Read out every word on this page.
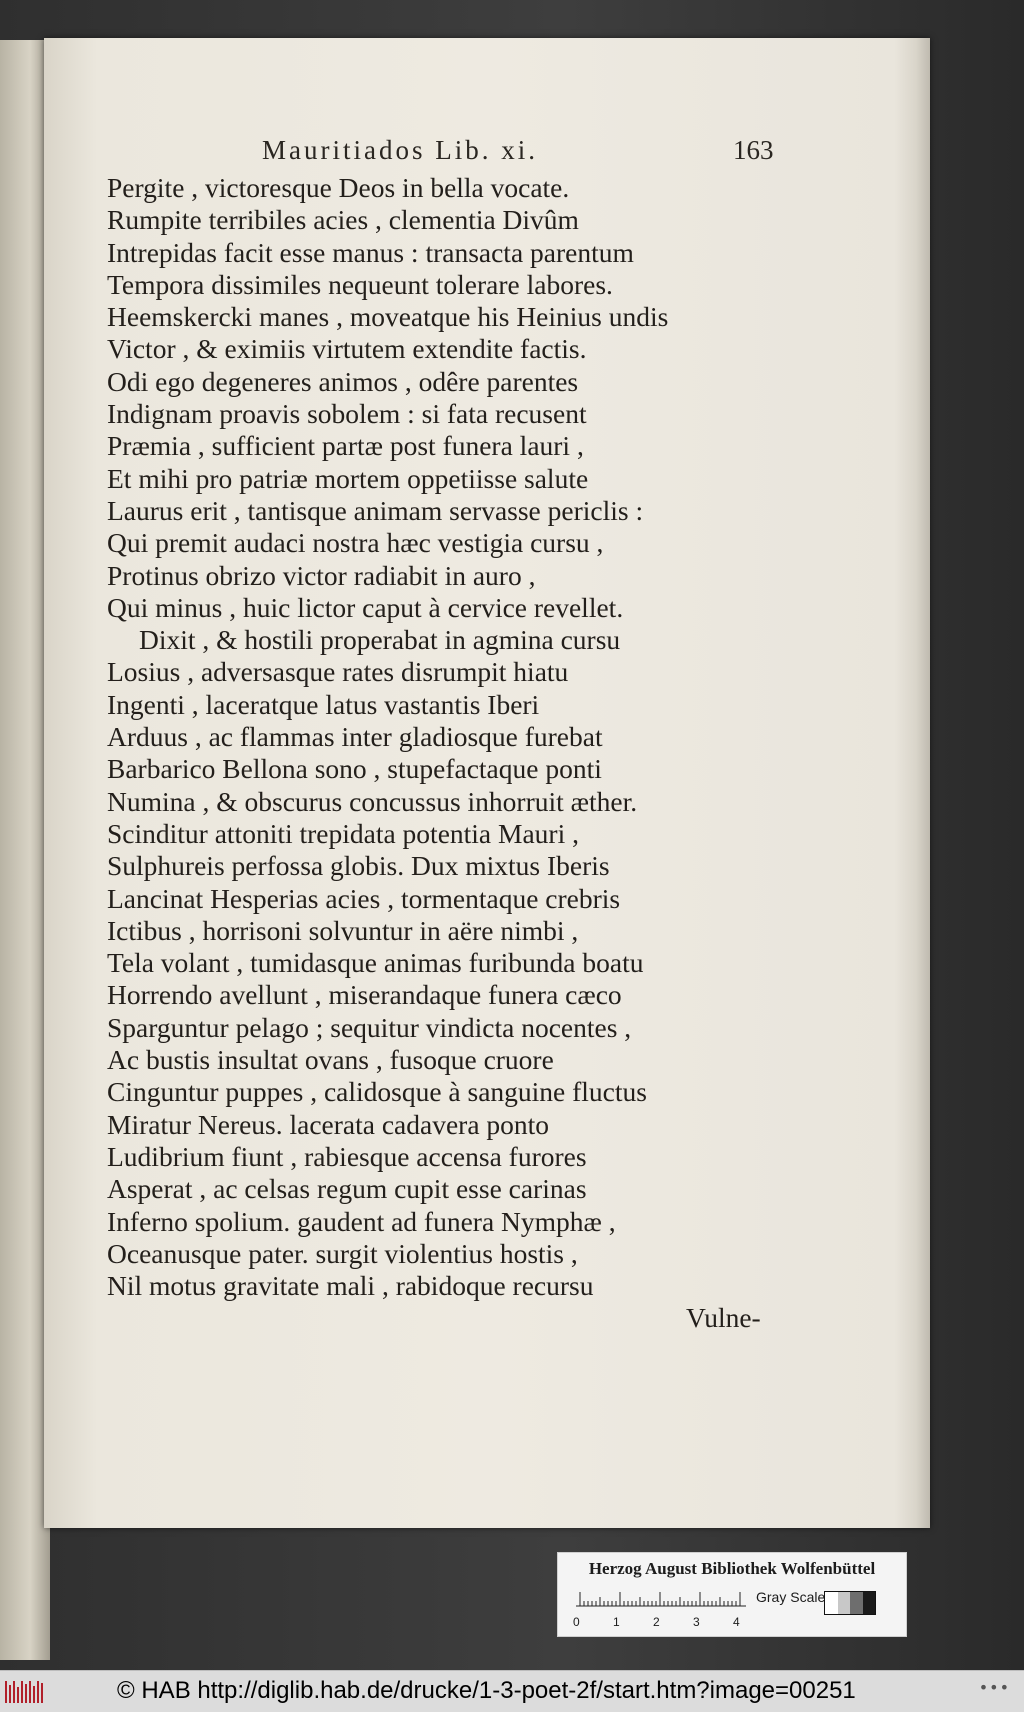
Mauritiados Lib. xi.	163
Pergite , victoresque Deos in bella vocate.
Rumpite terribiles acies , clementia Divûm
Intrepidas facit esse manus : transacta parentum
Tempora dissimiles nequeunt tolerare labores.
Heemskercki manes , moveatque his Heinius undis
Victor , & eximiis virtutem extendite factis.
Odi ego degeneres animos , odêre parentes
Indignam proavis sobolem : si fata recusent
Præmia , sufficient partæ post funera lauri ,
Et mihi pro patriæ mortem oppetiisse salute
Laurus erit , tantisque animam servasse periclis :
Qui premit audaci nostra hæc vestigia cursu ,
Protinus obrizo victor radiabit in auro ,
Qui minus , huic lictor caput à cervice revellet.
Dixit , & hostili properabat in agmina cursu
Losius , adversasque rates disrumpit hiatu
Ingenti , laceratque latus vastantis Iberi
Arduus , ac flammas inter gladiosque furebat
Barbarico Bellona sono , stupefactaque ponti
Numina , & obscurus concussus inhorruit æther.
Scinditur attoniti trepidata potentia Mauri ,
Sulphureis perfossa globis. Dux mixtus Iberis
Lancinat Hesperias acies , tormentaque crebris
Ictibus , horrisoni solvuntur in aëre nimbi ,
Tela volant , tumidasque animas furibunda boatu
Horrendo avellunt , miserandaque funera cæco
Sparguntur pelago ; sequitur vindicta nocentes ,
Ac bustis insultat ovans , fusoque cruore
Cinguntur puppes , calidosque à sanguine fluctus
Miratur Nereus. lacerata cadavera ponto
Ludibrium fiunt , rabiesque accensa furores
Asperat , ac celsas regum cupit esse carinas
Inferno spolium. gaudent ad funera Nymphæ ,
Oceanusque pater. surgit violentius hostis ,
Nil motus gravitate mali , rabidoque recursu
Vulne-
Herzog August Bibliothek Wolfenbüttel
0	1	2	3	4
Gray Scale
© HAB http://diglib.hab.de/drucke/1-3-poet-2f/start.htm?image=00251	•••
